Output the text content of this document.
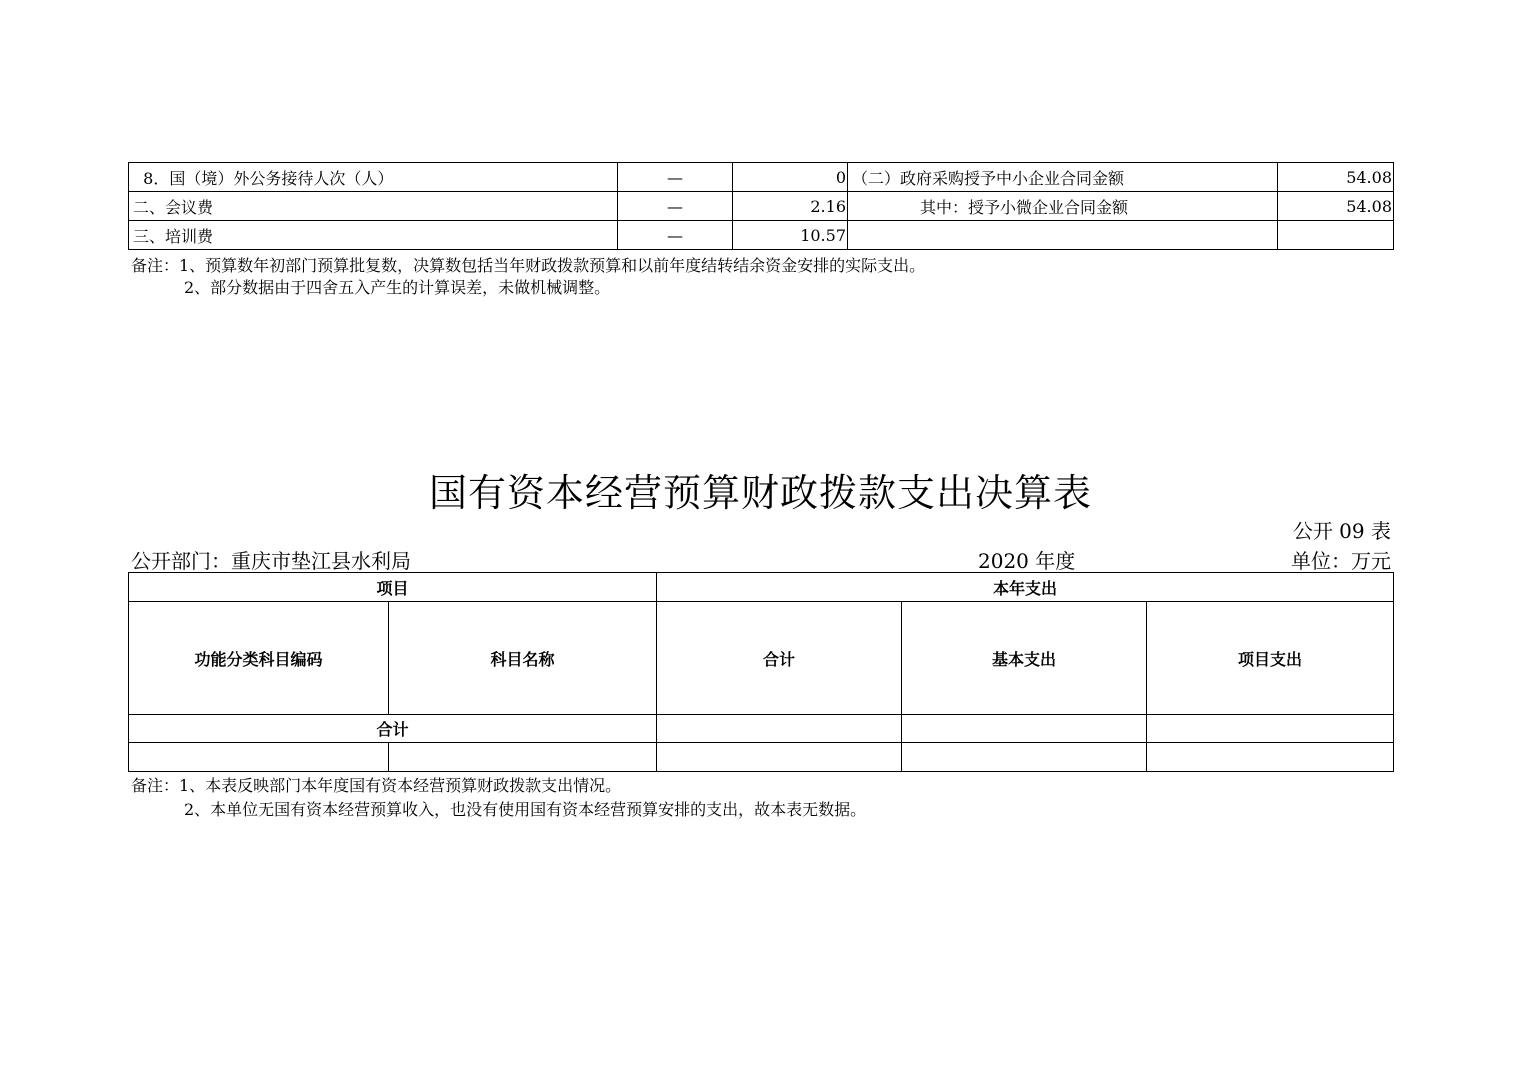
8．国（境）外公务接待人次（人）	—	0	（二）政府采购授予中小企业合同金额	54.08
二、会议费	—	2.16	其中：授予小微企业合同金额	54.08
三、培训费	—	10.57		
备注：1、预算数年初部门预算批复数，决算数包括当年财政拨款预算和以前年度结转结余资金安排的实际支出。
2、部分数据由于四舍五入产生的计算误差，未做机械调整。
国有资本经营预算财政拨款支出决算表
公开 09 表
公开部门：重庆市垫江县水利局	2020 年度	单位：万元
项目		本年支出		
功能分类科目编码	科目名称	合计	基本支出	项目支出
合计				

备注：1、本表反映部门本年度国有资本经营预算财政拨款支出情况。
2、本单位无国有资本经营预算收入，也没有使用国有资本经营预算安排的支出，故本表无数据。
